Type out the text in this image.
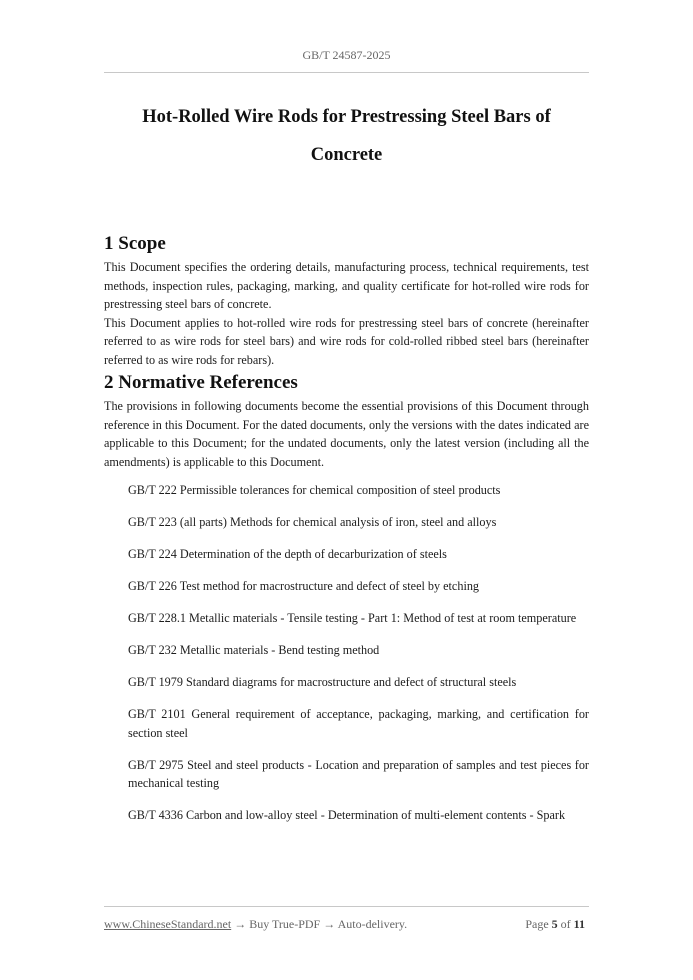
GB/T 24587-2025
Hot-Rolled Wire Rods for Prestressing Steel Bars of
Concrete
1 Scope

This Document specifies the ordering details, manufacturing process, technical requirements, test methods, inspection rules, packaging, marking, and quality certificate for hot-rolled wire rods for prestressing steel bars of concrete.

This Document applies to hot-rolled wire rods for prestressing steel bars of concrete (hereinafter referred to as wire rods for steel bars) and wire rods for cold-rolled ribbed steel bars (hereinafter referred to as wire rods for rebars).

2 Normative References

The provisions in following documents become the essential provisions of this Document through reference in this Document. For the dated documents, only the versions with the dates indicated are applicable to this Document; for the undated documents, only the latest version (including all the amendments) is applicable to this Document.

GB/T 222 Permissible tolerances for chemical composition of steel products
GB/T 223 (all parts) Methods for chemical analysis of iron, steel and alloys
GB/T 224 Determination of the depth of decarburization of steels
GB/T 226 Test method for macrostructure and defect of steel by etching
GB/T 228.1 Metallic materials - Tensile testing - Part 1: Method of test at room temperature
GB/T 232 Metallic materials - Bend testing method
GB/T 1979 Standard diagrams for macrostructure and defect of structural steels
GB/T 2101 General requirement of acceptance, packaging, marking, and certification for section steel
GB/T 2975 Steel and steel products - Location and preparation of samples and test pieces for mechanical testing
GB/T 4336 Carbon and low-alloy steel - Determination of multi-element contents - Spark
www.ChineseStandard.net → Buy True-PDF → Auto-delivery.	Page 5 of 11
